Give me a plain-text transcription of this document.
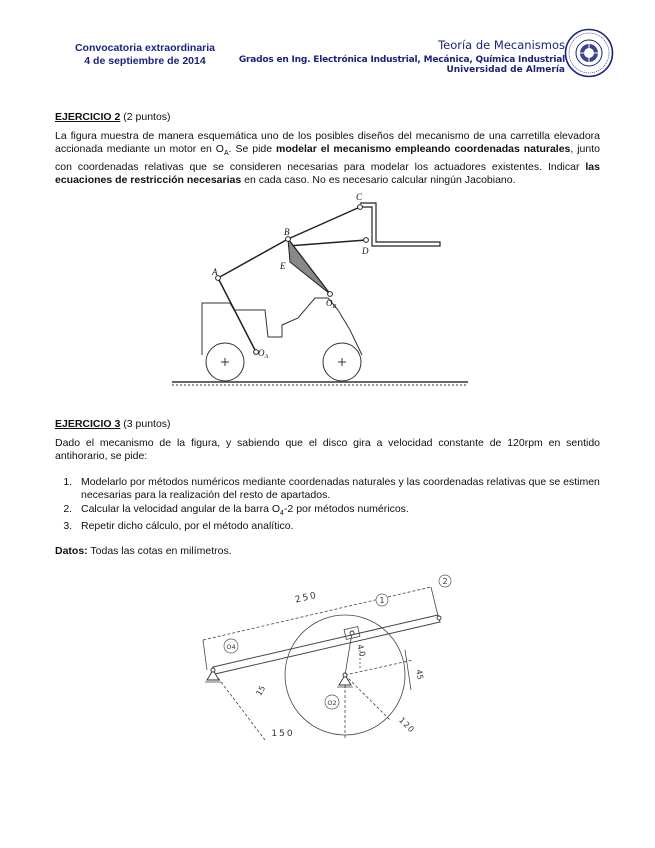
Convocatoria extraordinaria
4 de septiembre de 2014
Teoría de Mecanismos
Grados en Ing. Electrónica Industrial, Mecánica, Química Industrial
Universidad de Almería
EJERCICIO 2 (2 puntos)

La figura muestra de manera esquemática uno de los posibles diseños del mecanismo de una carretilla elevadora accionada mediante un motor en $O_A$. Se pide modelar el mecanismo empleando coordenadas naturales, junto con coordenadas relativas que se consideren necesarias para modelar los actuadores existentes. Indicar las ecuaciones de restricción necesarias en cada caso. No es necesario calcular ningún Jacobiano.

A
B
C
D
E
$O_B$
$O_A$
EJERCICIO 3 (3 puntos)

Dado el mecanismo de la figura, y sabiendo que el disco gira a velocidad constante de 120rpm en sentido antihorario, se pide:

1. Modelarlo por métodos numéricos mediante coordenadas naturales y las coordenadas relativas que se estimen necesarias para la realización del resto de apartados.
2. Calcular la velocidad angular de la barra $O_4-2$ por métodos numéricos.
3. Repetir dicho cálculo, por el método analítico.
Datos: Todas las cotas en milímetros.
1
2
O4
O2
250
40
45
15
150	120
